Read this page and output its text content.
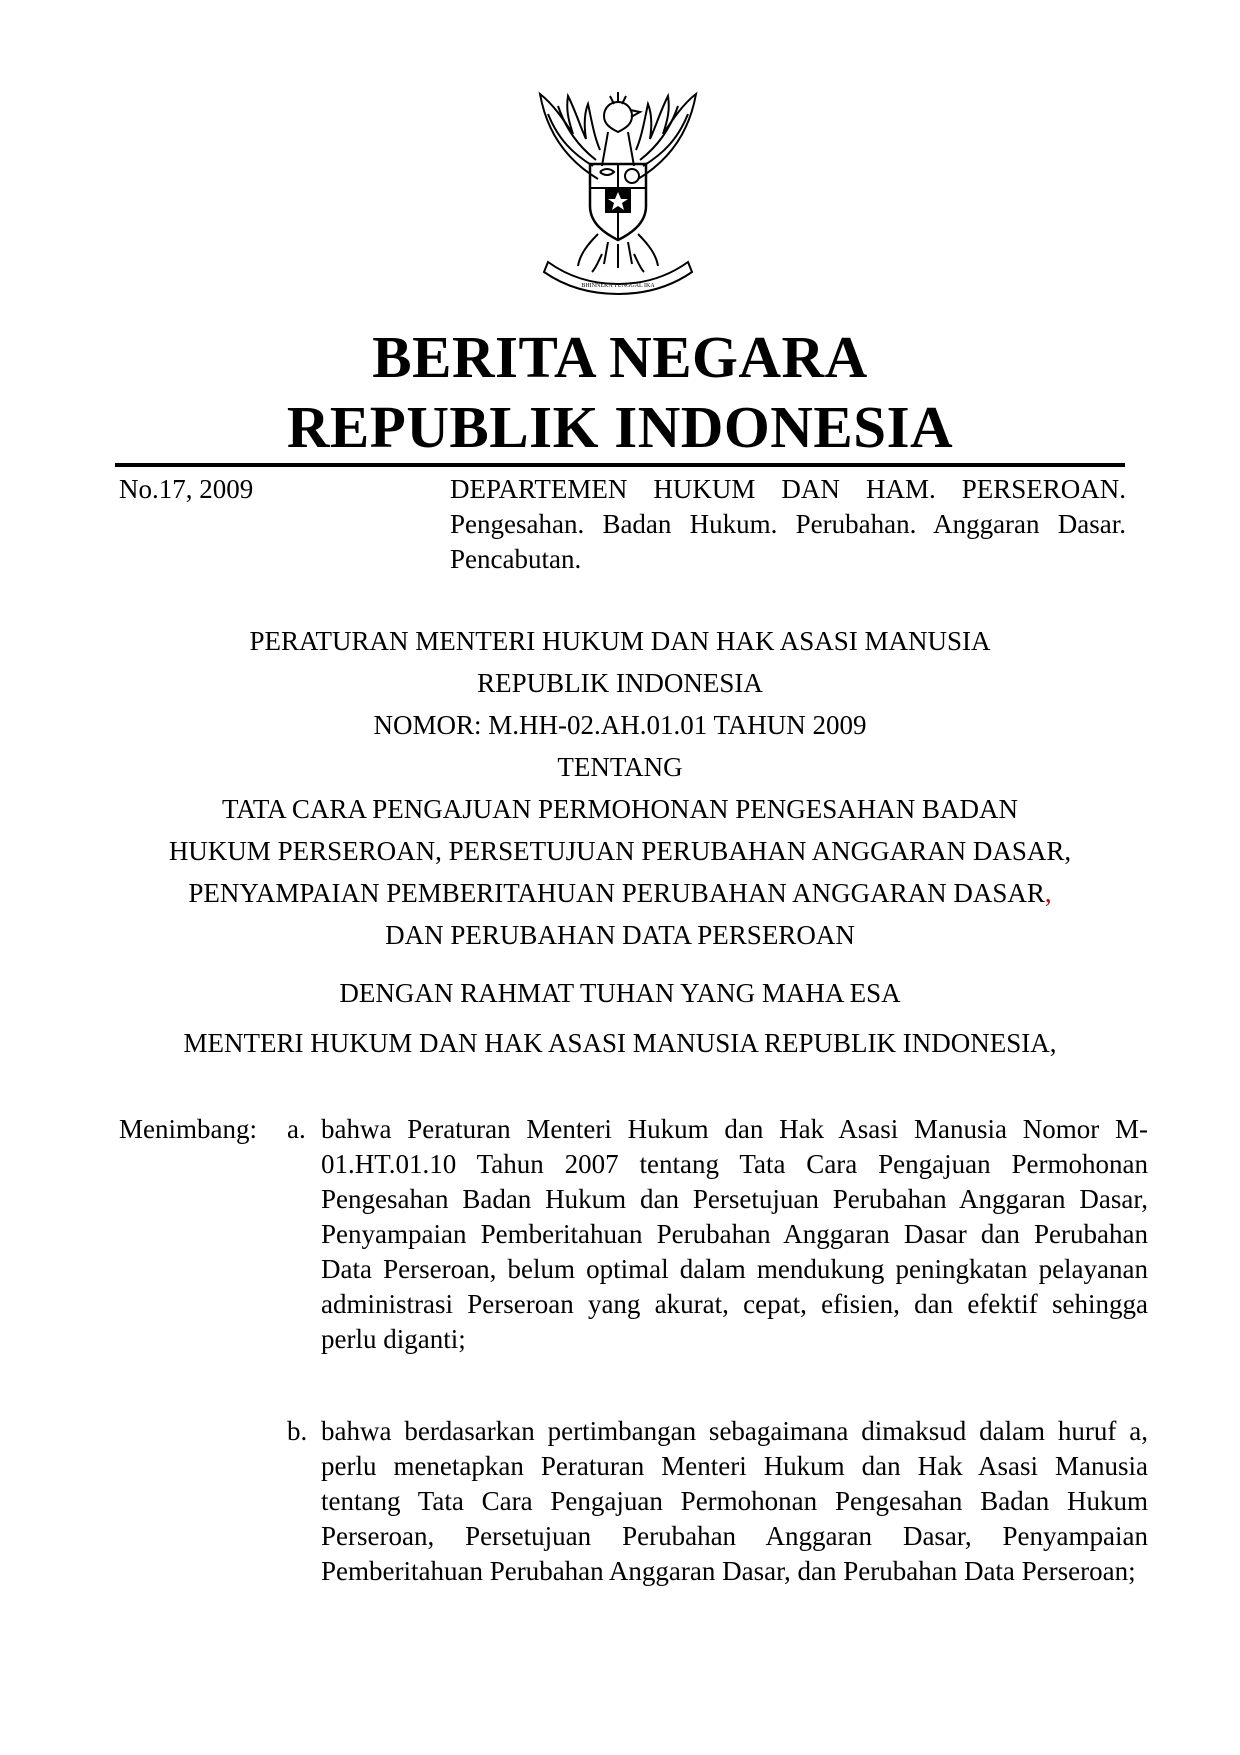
BHINNEKA TUNGGAL IKA
BERITA NEGARA
REPUBLIK INDONESIA
No.17, 2009	DEPARTEMEN HUKUM DAN HAM. PERSEROAN. Pengesahan. Badan Hukum. Perubahan. Anggaran Dasar. Pencabutan.
PERATURAN MENTERI HUKUM DAN HAK ASASI MANUSIA
REPUBLIK INDONESIA
NOMOR: M.HH-02.AH.01.01 TAHUN 2009
TENTANG
TATA CARA PENGAJUAN PERMOHONAN PENGESAHAN BADAN
HUKUM PERSEROAN, PERSETUJUAN PERUBAHAN ANGGARAN DASAR,
PENYAMPAIAN PEMBERITAHUAN PERUBAHAN ANGGARAN DASAR,
DAN PERUBAHAN DATA PERSEROAN
DENGAN RAHMAT TUHAN YANG MAHA ESA
MENTERI HUKUM DAN HAK ASASI MANUSIA REPUBLIK INDONESIA,
Menimbang: a. bahwa Peraturan Menteri Hukum dan Hak Asasi Manusia Nomor M-01.HT.01.10 Tahun 2007 tentang Tata Cara Pengajuan Permohonan Pengesahan Badan Hukum dan Persetujuan Perubahan Anggaran Dasar, Penyampaian Pemberitahuan Perubahan Anggaran Dasar dan Perubahan Data Perseroan, belum optimal dalam mendukung peningkatan pelayanan administrasi Perseroan yang akurat, cepat, efisien, dan efektif sehingga perlu diganti;
b. bahwa berdasarkan pertimbangan sebagaimana dimaksud dalam huruf a, perlu menetapkan Peraturan Menteri Hukum dan Hak Asasi Manusia tentang Tata Cara Pengajuan Permohonan Pengesahan Badan Hukum Perseroan, Persetujuan Perubahan Anggaran Dasar, Penyampaian Pemberitahuan Perubahan Anggaran Dasar, dan Perubahan Data Perseroan;
